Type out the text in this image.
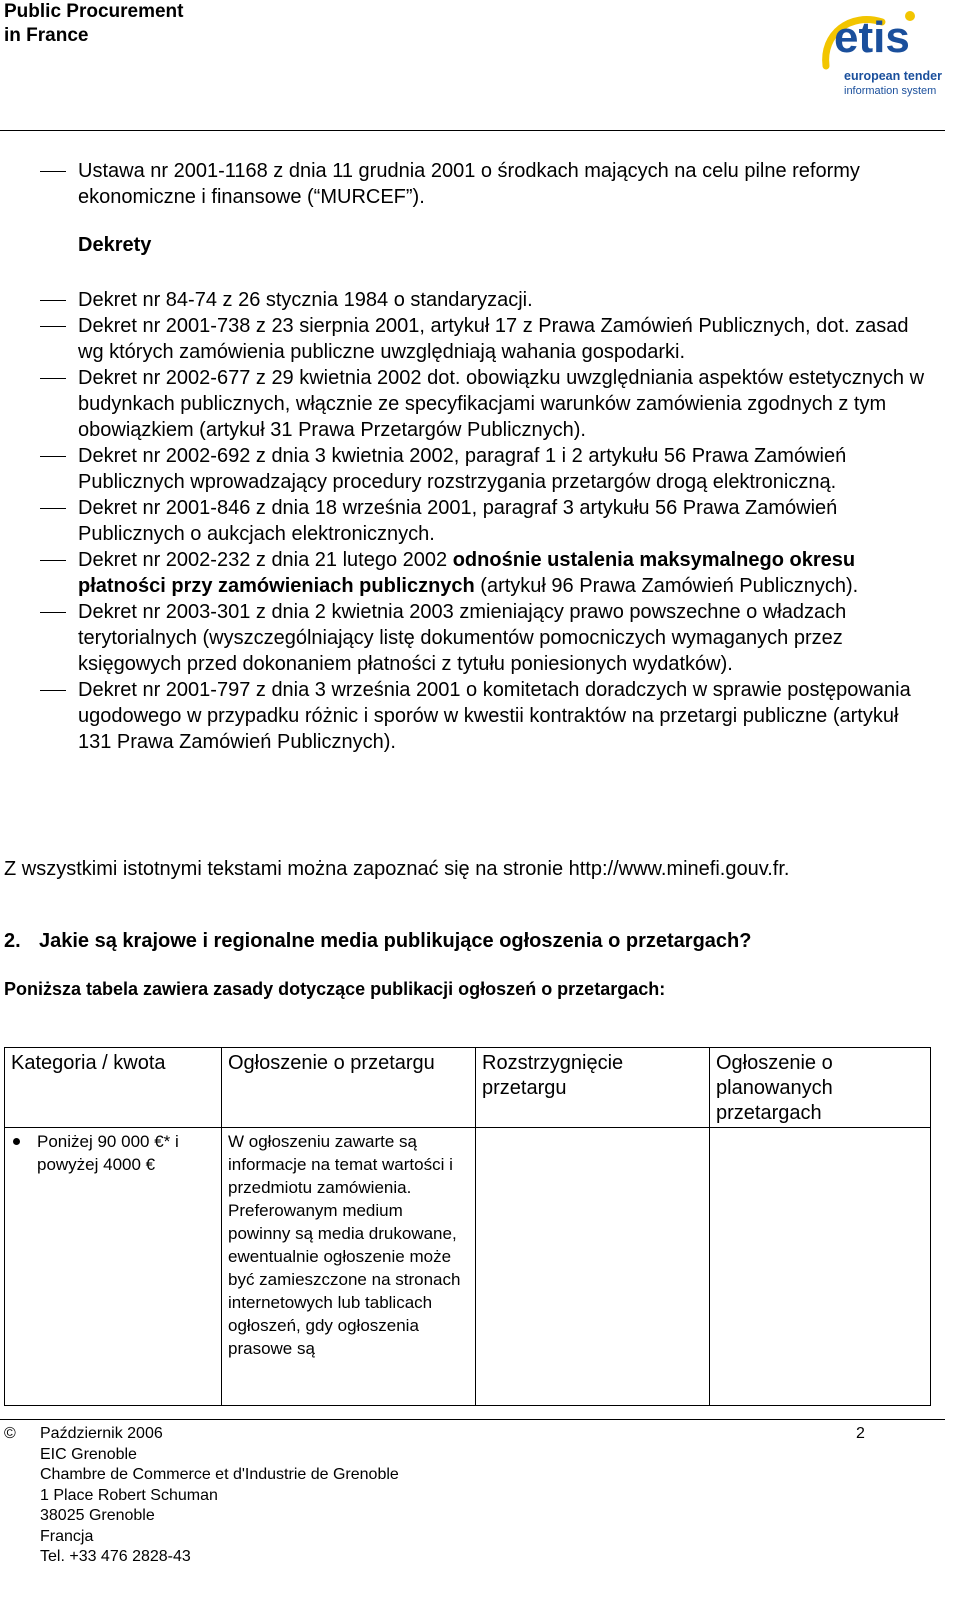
Public Procurement
in France	etis
european tender
information system
Ustawa nr 2001-1168 z dnia 11 grudnia 2001 o środkach mających na celu pilne reformy ekonomiczne i finansowe (“MURCEF”).
Dekrety
Dekret nr 84-74 z 26 stycznia 1984 o standaryzacji.
Dekret nr 2001-738 z 23 sierpnia 2001, artykuł 17 z Prawa Zamówień Publicznych, dot. zasad wg których zamówienia publiczne uwzględniają wahania gospodarki.
Dekret nr 2002-677 z 29 kwietnia 2002 dot. obowiązku uwzględniania aspektów estetycznych w budynkach publicznych, włącznie ze specyfikacjami warunków zamówienia zgodnych z tym obowiązkiem (artykuł 31 Prawa Przetargów Publicznych).
Dekret nr 2002-692 z dnia 3 kwietnia 2002, paragraf 1 i 2 artykułu 56 Prawa Zamówień Publicznych wprowadzający procedury rozstrzygania przetargów drogą elektroniczną.
Dekret nr 2001-846 z dnia 18 września 2001, paragraf 3 artykułu 56 Prawa Zamówień Publicznych o aukcjach elektronicznych.
Dekret nr 2002-232 z dnia 21 lutego 2002 odnośnie ustalenia maksymalnego okresu płatności przy zamówieniach publicznych (artykuł 96 Prawa Zamówień Publicznych).
Dekret nr 2003-301 z dnia 2 kwietnia 2003 zmieniający prawo powszechne o władzach terytorialnych (wyszczególniający listę dokumentów pomocniczych wymaganych przez księgowych przed dokonaniem płatności z tytułu poniesionych wydatków).
Dekret nr 2001-797 z dnia 3 września 2001 o komitetach doradczych w sprawie postępowania ugodowego w przypadku różnic i sporów w kwestii kontraktów na przetargi publiczne (artykuł 131 Prawa Zamówień Publicznych).
Z wszystkimi istotnymi tekstami można zapoznać się na stronie http://www.minefi.gouv.fr.
2. Jakie są krajowe i regionalne media publikujące ogłoszenia o przetargach?
Poniższa tabela zawiera zasady dotyczące publikacji ogłoszeń o przetargach:
Kategoria / kwota	Ogłoszenie o przetargu	Rozstrzygnięcie przetargu	Ogłoszenie o planowanych przetargach
Poniżej 90 000 €* i powyżej 4000 €	W ogłoszeniu zawarte są informacje na temat wartości i przedmiotu zamówienia. Preferowanym medium powinny są media drukowane, ewentualnie ogłoszenie może być zamieszczone na stronach internetowych lub tablicach ogłoszeń, gdy ogłoszenia prasowe są		

© Październik 2006
EIC Grenoble
Chambre de Commerce et d'Industrie de Grenoble
1 Place Robert Schuman
38025 Grenoble
Francja
Tel. +33 476 2828-43
2
